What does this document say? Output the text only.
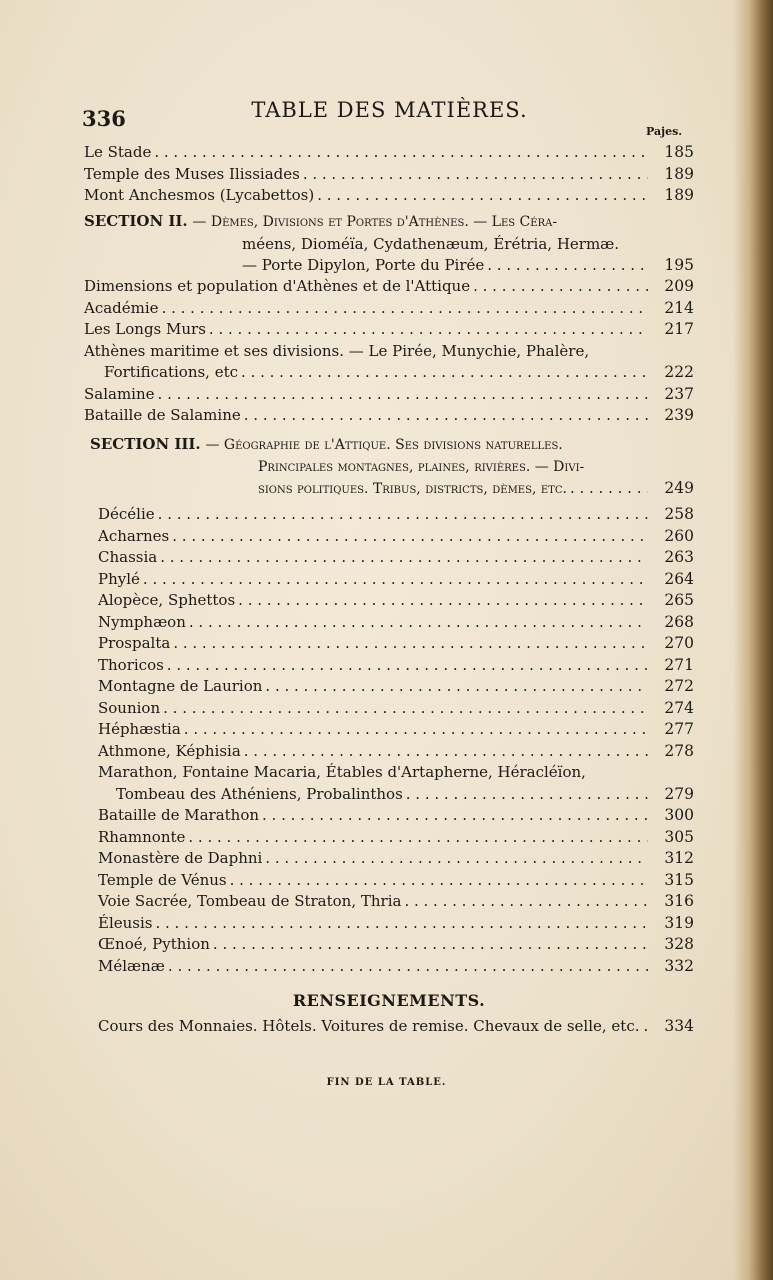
TABLE DES MATIÈRES.
336
Pajes.
Le Stade . . .	185
Temple des Muses Ilissiades . . .	189
Mont Anchesmos (Lycabettos) . . .	189
SECTION II. — Dèmes, Divisions et Portes d'Athènes. — Les Céra-
méens, Dioméïa, Cydathenæum, Érétria, Hermæ.
— Porte Dipylon, Porte du Pirée . . .	195
Dimensions et population d'Athènes et de l'Attique . . .	209
Académie . . .	214
Les Longs Murs . . .	217
Athènes maritime et ses divisions. — Le Pirée, Munychie, Phalère,
Fortifications, etc . . .	222
Salamine . . .	237
Bataille de Salamine . . .	239
SECTION III. — Géographie de l'Attique. Ses divisions naturelles.
Principales montagnes, plaines, rivières. — Divi-
sions politiques. Tribus, districts, dèmes, etc. . . .	249
Décélie . . .	258
Acharnes . . .	260
Chassia . . .	263
Phylé . . .	264
Alopèce, Sphettos . . .	265
Nymphæon . . .	268
Prospalta . . .	270
Thoricos . . .	271
Montagne de Laurion . . .	272
Sounion . . .	274
Héphæstia . . .	277
Athmone, Képhisia . . .	278
Marathon, Fontaine Macaria, Étables d'Artapherne, Héracléïon,
Tombeau des Athéniens, Probalinthos . . .	279
Bataille de Marathon . . .	300
Rhamnonte . . .	305
Monastère de Daphni . . .	312
Temple de Vénus . . .	315
Voie Sacrée, Tombeau de Straton, Thria . . .	316
Éleusis . . .	319
Œnoé, Pythion . . .	328
Mélænæ . . .	332
RENSEIGNEMENTS.
Cours des Monnaies. Hôtels. Voitures de remise. Chevaux de selle, etc. . . .	334
FIN DE LA TABLE.
